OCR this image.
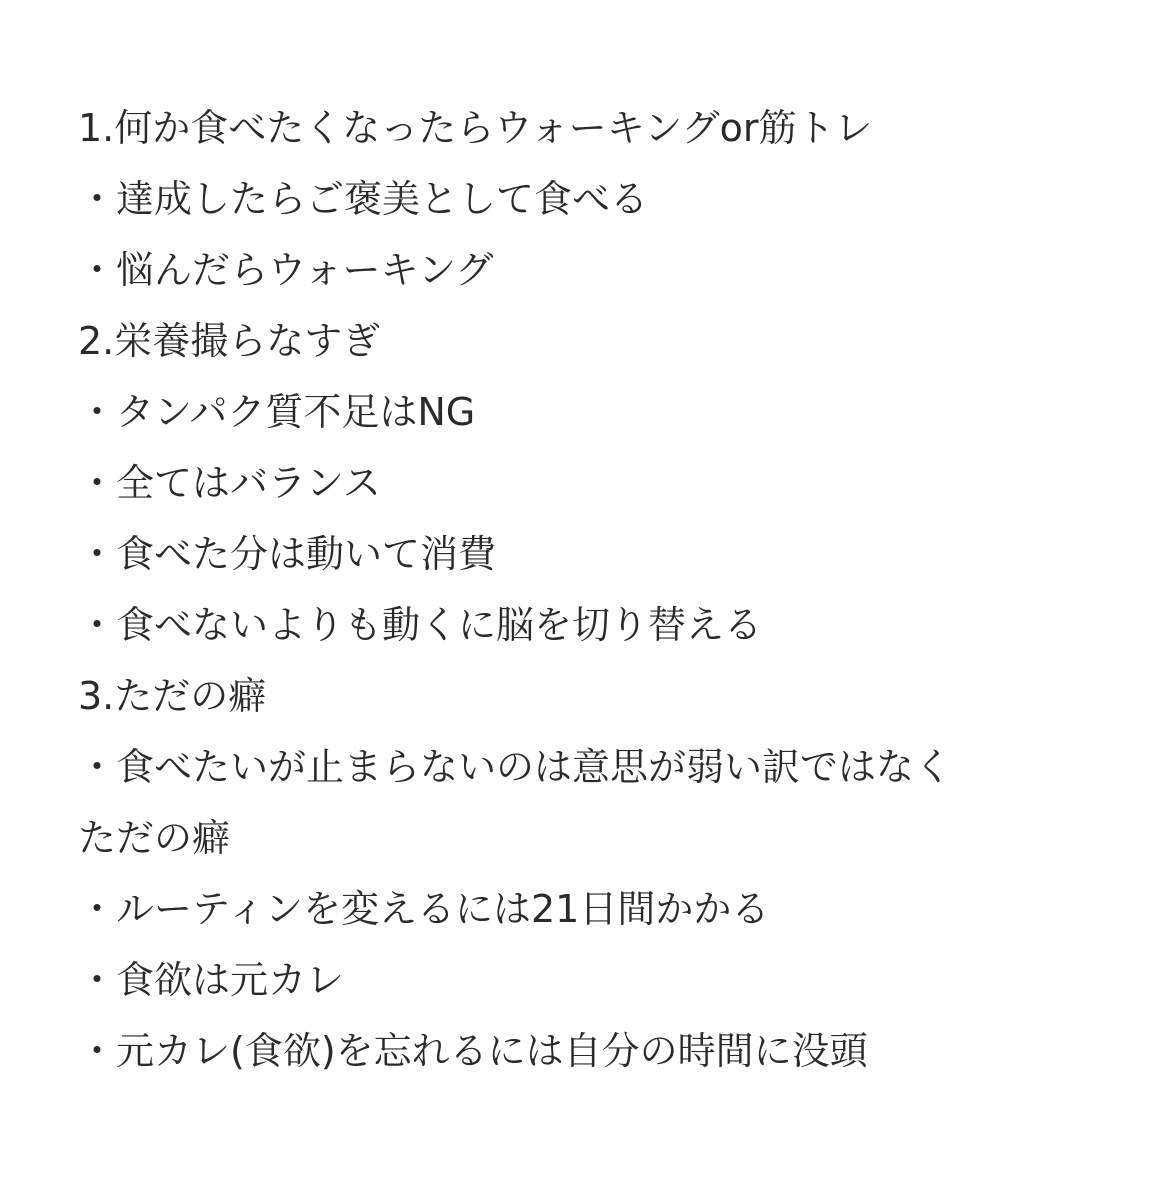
1.何か食べたくなったらウォーキングor筋トレ
・達成したらご褒美として食べる
・悩んだらウォーキング
2.栄養撮らなすぎ
・タンパク質不足はNG
・全てはバランス
・食べた分は動いて消費
・食べないよりも動くに脳を切り替える
3.ただの癖
・食べたいが止まらないのは意思が弱い訳ではなく
ただの癖
・ルーティンを変えるには21日間かかる
・食欲は元カレ
・元カレ(食欲)を忘れるには自分の時間に没頭
